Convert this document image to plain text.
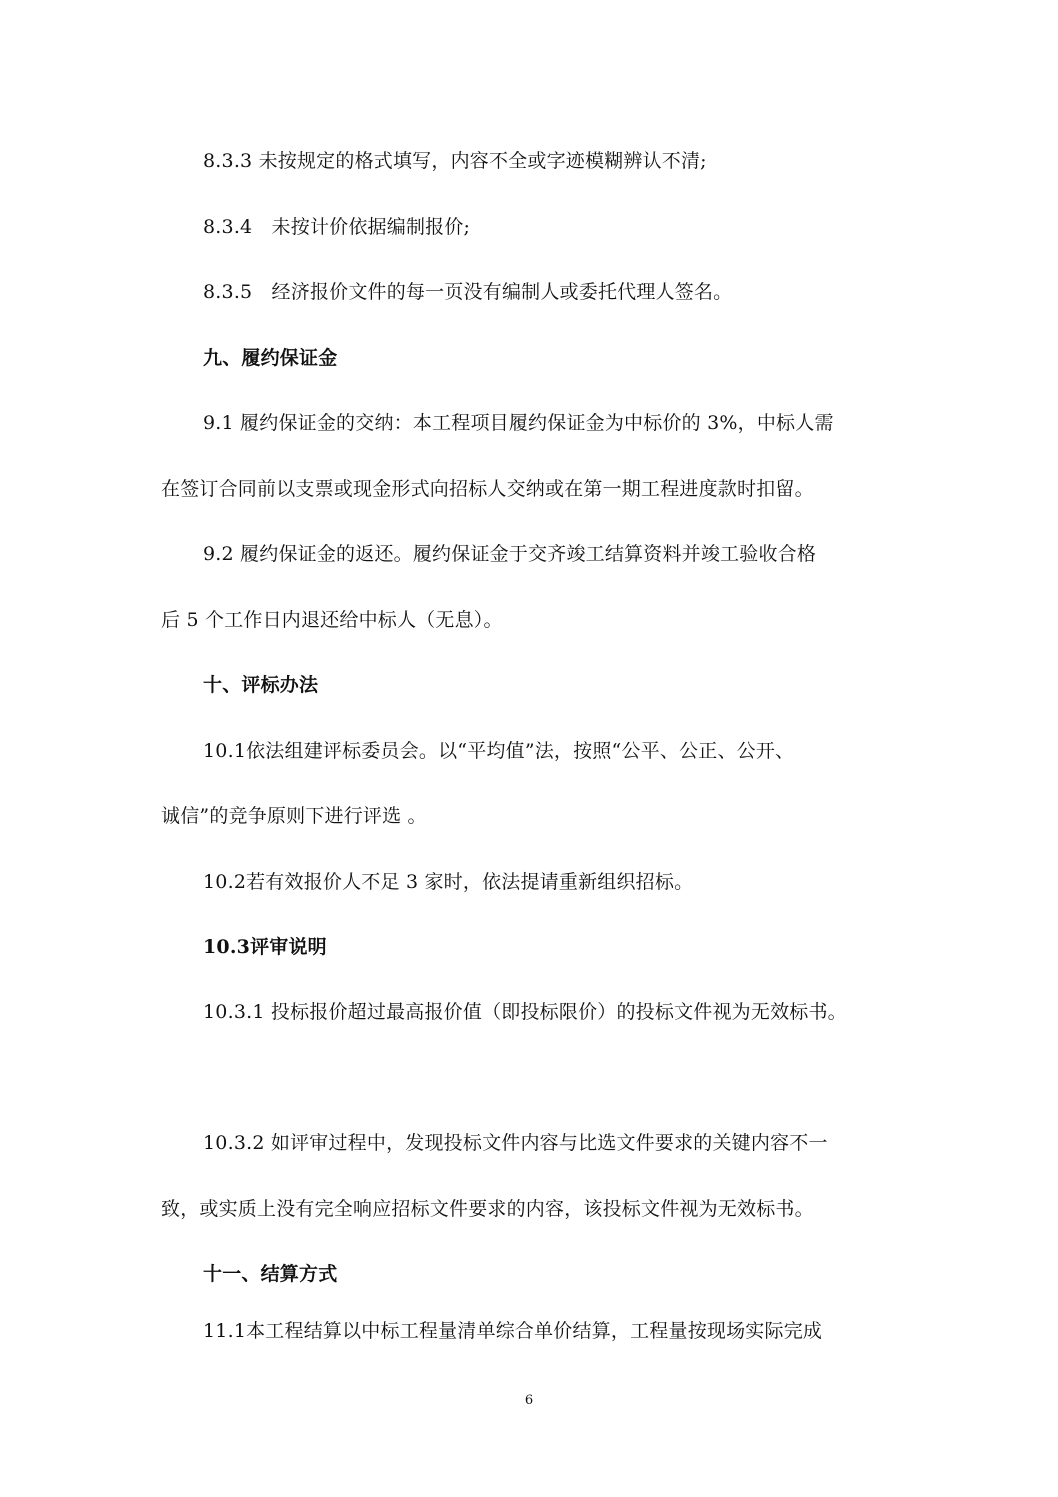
8.3.3 未按规定的格式填写，内容不全或字迹模糊辨认不清;
8.3.4　未按计价依据编制报价;
8.3.5　经济报价文件的每一页没有编制人或委托代理人签名。
九、履约保证金
9.1 履约保证金的交纳：本工程项目履约保证金为中标价的 3%，中标人需
在签订合同前以支票或现金形式向招标人交纳或在第一期工程进度款时扣留。
9.2 履约保证金的返还。履约保证金于交齐竣工结算资料并竣工验收合格
后 5 个工作日内退还给中标人（无息）。
十、评标办法
10.1依法组建评标委员会。以“平均值”法，按照“公平、公正、公开、
诚信”的竞争原则下进行评选 。
10.2若有效报价人不足 3 家时，依法提请重新组织招标。
10.3评审说明
10.3.1 投标报价超过最高报价值（即投标限价）的投标文件视为无效标书。
10.3.2 如评审过程中，发现投标文件内容与比选文件要求的关键内容不一
致，或实质上没有完全响应招标文件要求的内容，该投标文件视为无效标书。
十一、结算方式
11.1本工程结算以中标工程量清单综合单价结算，工程量按现场实际完成
6
